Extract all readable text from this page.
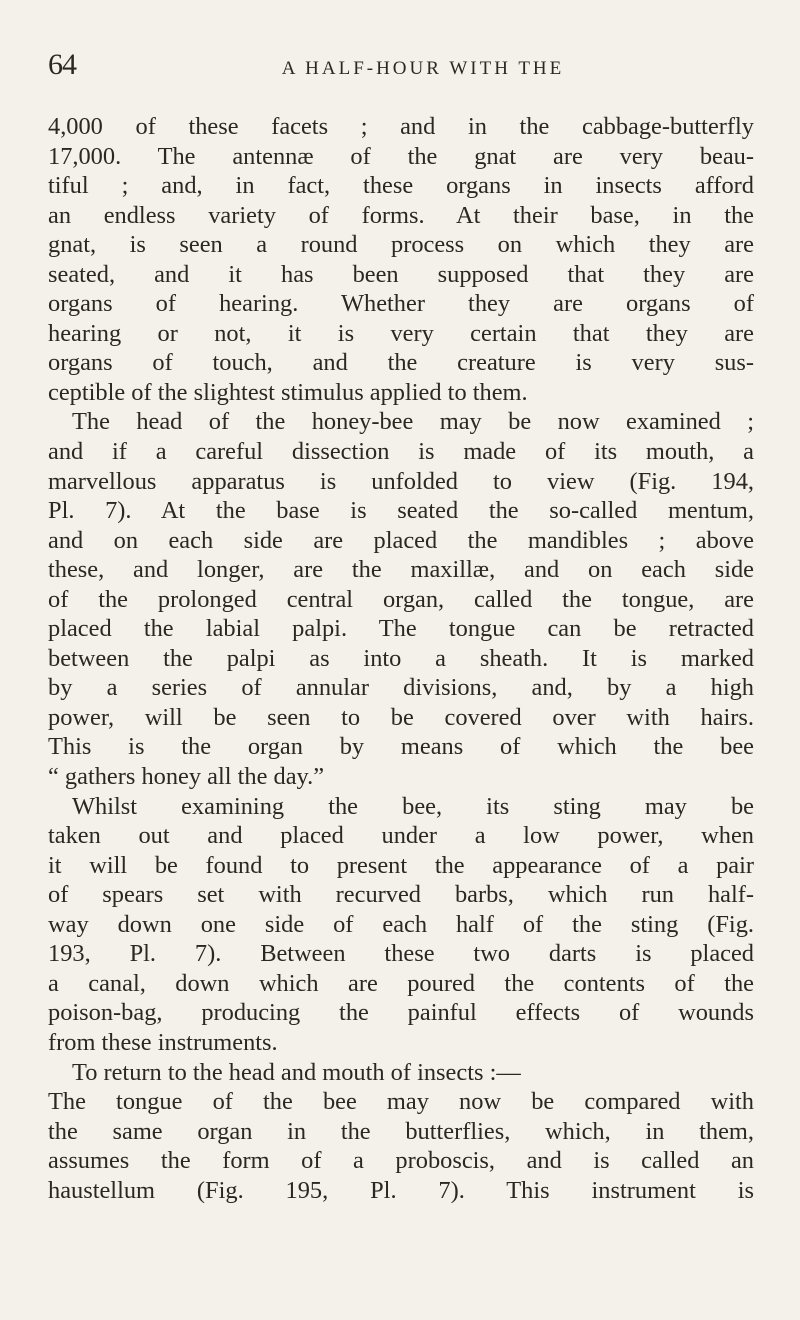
64	A HALF-HOUR WITH THE
4,000 of these facets ; and in the cabbage-butterfly
17,000. The antennæ of the gnat are very beau-
tiful ; and, in fact, these organs in insects afford
an endless variety of forms. At their base, in the
gnat, is seen a round process on which they are
seated, and it has been supposed that they are
organs of hearing. Whether they are organs of
hearing or not, it is very certain that they are
organs of touch, and the creature is very sus-
ceptible of the slightest stimulus applied to them.
The head of the honey-bee may be now examined ;
and if a careful dissection is made of its mouth, a
marvellous apparatus is unfolded to view (Fig. 194,
Pl. 7). At the base is seated the so-called mentum,
and on each side are placed the mandibles ; above
these, and longer, are the maxillæ, and on each side
of the prolonged central organ, called the tongue, are
placed the labial palpi. The tongue can be retracted
between the palpi as into a sheath. It is marked
by a series of annular divisions, and, by a high
power, will be seen to be covered over with hairs.
This is the organ by means of which the bee
“ gathers honey all the day.”
Whilst examining the bee, its sting may be
taken out and placed under a low power, when
it will be found to present the appearance of a pair
of spears set with recurved barbs, which run half-
way down one side of each half of the sting (Fig.
193, Pl. 7). Between these two darts is placed
a canal, down which are poured the contents of the
poison-bag, producing the painful effects of wounds
from these instruments.
To return to the head and mouth of insects :—
The tongue of the bee may now be compared with
the same organ in the butterflies, which, in them,
assumes the form of a proboscis, and is called an
haustellum (Fig. 195, Pl. 7). This instrument is
